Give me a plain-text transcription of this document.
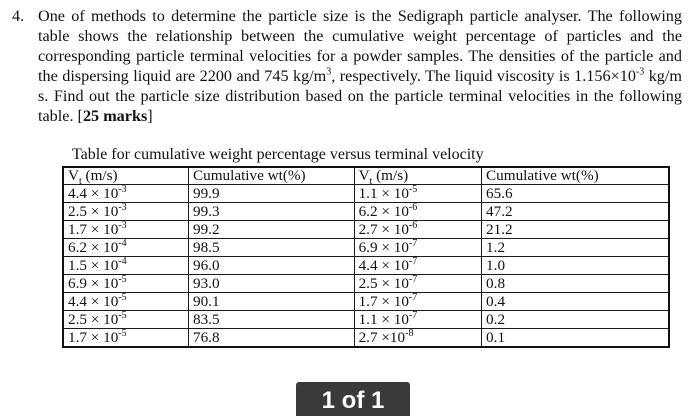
4. One of methods to determine the particle size is the Sedigraph particle analyser. The following table shows the relationship between the cumulative weight percentage of particles and the corresponding particle terminal velocities for a powder samples. The densities of the particle and the dispersing liquid are 2200 and 745 $kg/m^3$, respectively. The liquid viscosity is $1.156\times 10^{-3}$ kg/m s. Find out the particle size distribution based on the particle terminal velocities in the following table. [25 marks]
Table for cumulative weight percentage versus terminal velocity
$V_t$ (m/s)	Cumulative wt(%)	$V_t$ (m/s)	Cumulative wt(%)
$4.4 \times 10^{-3}$	99.9	$1.1 \times 10^{-5}$	65.6
$2.5 \times 10^{-3}$	99.3	$6.2 \times 10^{-6}$	47.2
$1.7 \times 10^{-3}$	99.2	$2.7 \times 10^{-6}$	21.2
$6.2 \times 10^{-4}$	98.5	$6.9 \times 10^{-7}$	1.2
$1.5 \times 10^{-4}$	96.0	$4.4 \times 10^{-7}$	1.0
$6.9 \times 10^{-5}$	93.0	$2.5 \times 10^{-7}$	0.8
$4.4 \times 10^{-5}$	90.1	$1.7 \times 10^{-7}$	0.4
$2.5 \times 10^{-5}$	83.5	$1.1 \times 10^{-7}$	0.2
$1.7 \times 10^{-5}$	76.8	$2.7 \times 10^{-8}$	0.1
1 of 1
